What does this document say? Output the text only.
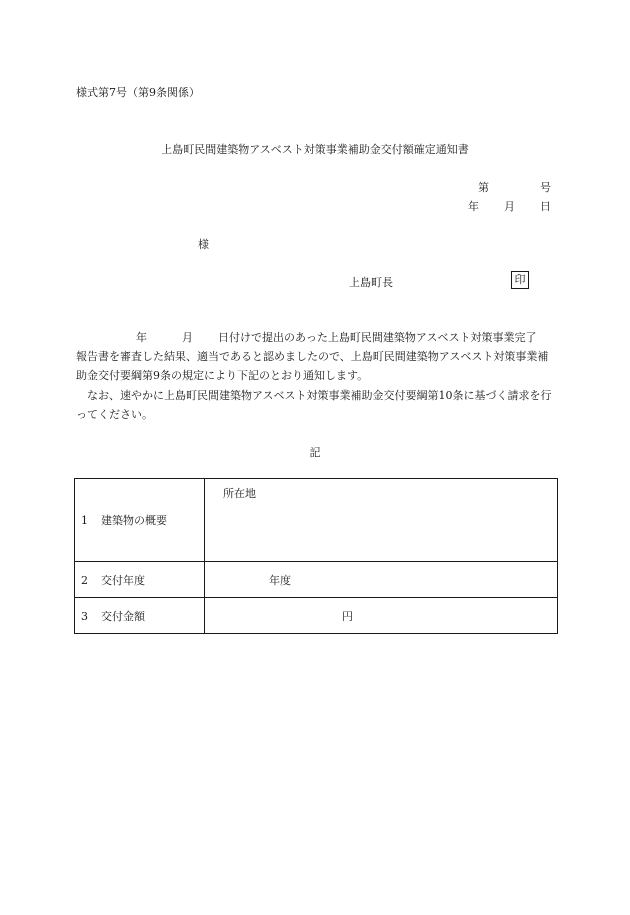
様式第7号（第9条関係）
上島町民間建築物アスベスト対策事業補助金交付額確定通知書
第	号
年 月 日
様
上島町長	印

年	月 日付けで提出のあった上島町民間建築物アスベスト対策事業完了

報告書を審査した結果、適当であると認めましたので、上島町民間建築物アスベスト対策事業補助金交付要綱第9条の規定により下記のとおり通知します。

なお、速やかに上島町民間建築物アスベスト対策事業補助金交付要綱第10条に基づく請求を行ってください。

記
1 建築物の概要	所在地
2 交付年度	年度
3 交付金額	円
